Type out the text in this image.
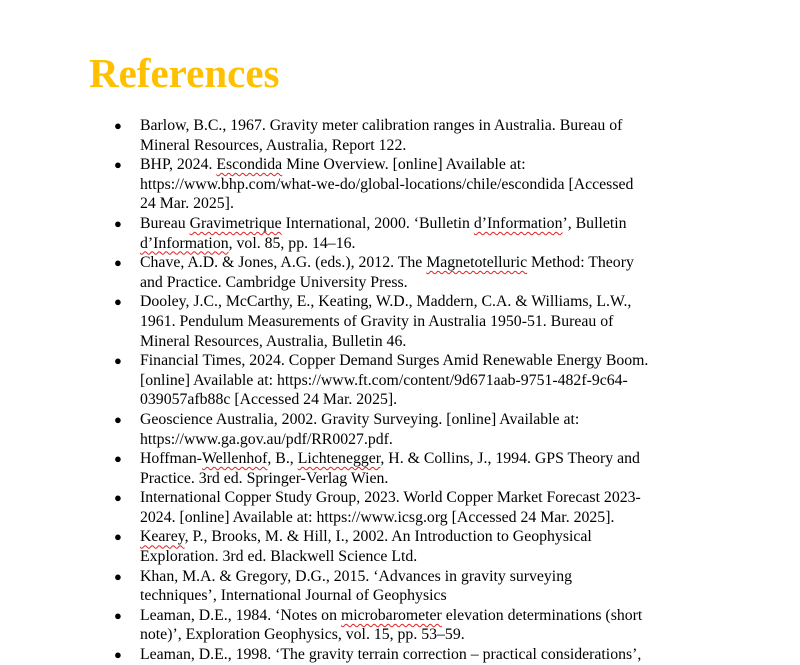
References
● Barlow, B.C., 1967. Gravity meter calibration ranges in Australia. Bureau of
Mineral Resources, Australia, Report 122.
● BHP, 2024. Escondida Mine Overview. [online] Available at:
https://www.bhp.com/what-we-do/global-locations/chile/escondida [Accessed
24 Mar. 2025].
● Bureau Gravimetrique International, 2000. ‘Bulletin d’Information’, Bulletin
d’Information, vol. 85, pp. 14–16.
● Chave, A.D. & Jones, A.G. (eds.), 2012. The Magnetotelluric Method: Theory
and Practice. Cambridge University Press.
● Dooley, J.C., McCarthy, E., Keating, W.D., Maddern, C.A. & Williams, L.W.,
1961. Pendulum Measurements of Gravity in Australia 1950-51. Bureau of
Mineral Resources, Australia, Bulletin 46.
● Financial Times, 2024. Copper Demand Surges Amid Renewable Energy Boom.
[online] Available at: https://www.ft.com/content/9d671aab-9751-482f-9c64-
039057afb88c [Accessed 24 Mar. 2025].
● Geoscience Australia, 2002. Gravity Surveying. [online] Available at:
https://www.ga.gov.au/pdf/RR0027.pdf.
● Hoffman-Wellenhof, B., Lichtenegger, H. & Collins, J., 1994. GPS Theory and
Practice. 3rd ed. Springer-Verlag Wien.
● International Copper Study Group, 2023. World Copper Market Forecast 2023-
2024. [online] Available at: https://www.icsg.org [Accessed 24 Mar. 2025].
● Kearey, P., Brooks, M. & Hill, I., 2002. An Introduction to Geophysical
Exploration. 3rd ed. Blackwell Science Ltd.
● Khan, M.A. & Gregory, D.G., 2015. ‘Advances in gravity surveying
techniques’, International Journal of Geophysics
● Leaman, D.E., 1984. ‘Notes on microbarometer elevation determinations (short
note)’, Exploration Geophysics, vol. 15, pp. 53–59.
● Leaman, D.E., 1998. ‘The gravity terrain correction – practical considerations’,
